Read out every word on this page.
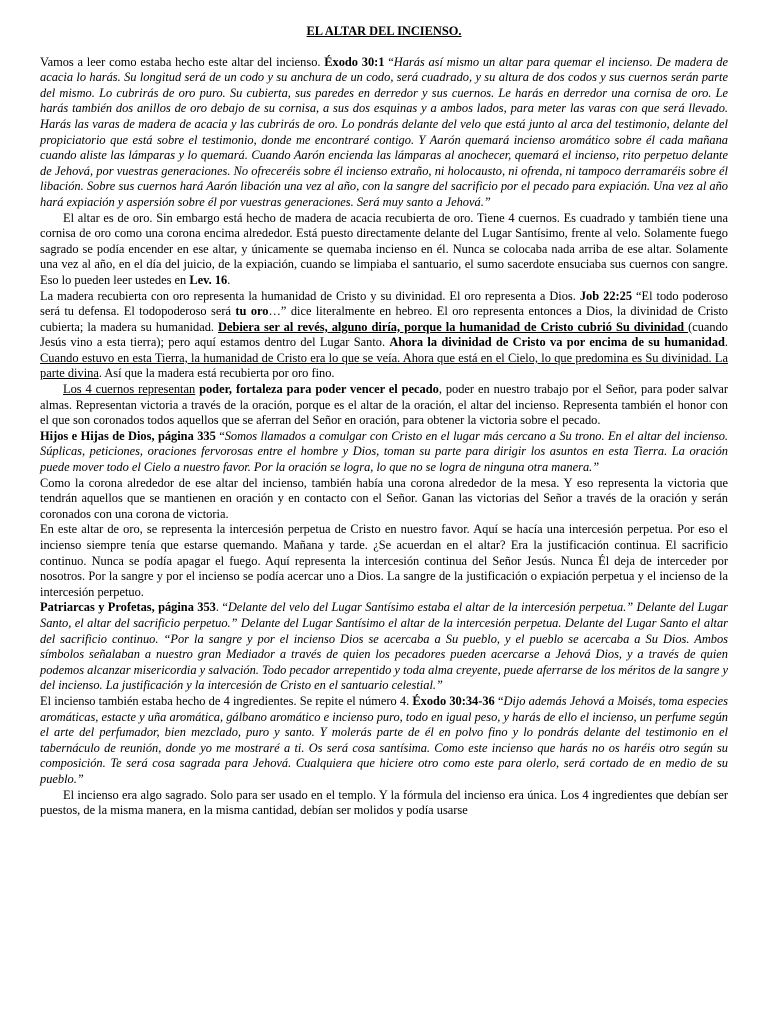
EL ALTAR DEL INCIENSO.

Vamos a leer como estaba hecho este altar del incienso. Éxodo 30:1 “Harás así mismo un altar para quemar el incienso. De madera de acacia lo harás. Su longitud será de un codo y su anchura de un codo, será cuadrado, y su altura de dos codos y sus cuernos serán parte del mismo. Lo cubrirás de oro puro. Su cubierta, sus paredes en derredor y sus cuernos. Le harás en derredor una cornisa de oro. Le harás también dos anillos de oro debajo de su cornisa, a sus dos esquinas y a ambos lados, para meter las varas con que será llevado. Harás las varas de madera de acacia y las cubrirás de oro. Lo pondrás delante del velo que está junto al arca del testimonio, delante del propiciatorio que está sobre el testimonio, donde me encontraré contigo. Y Aarón quemará incienso aromático sobre él cada mañana cuando aliste las lámparas y lo quemará. Cuando Aarón encienda las lámparas al anochecer, quemará el incienso, rito perpetuo delante de Jehová, por vuestras generaciones. No ofreceréis sobre él incienso extraño, ni holocausto, ni ofrenda, ni tampoco derramaréis sobre él libación. Sobre sus cuernos hará Aarón libación una vez al año, con la sangre del sacrificio por el pecado para expiación. Una vez al año hará expiación y aspersión sobre él por vuestras generaciones. Será muy santo a Jehová.”

El altar es de oro. Sin embargo está hecho de madera de acacia recubierta de oro. Tiene 4 cuernos. Es cuadrado y también tiene una cornisa de oro como una corona encima alrededor. Está puesto directamente delante del Lugar Santísimo, frente al velo. Solamente fuego sagrado se podía encender en ese altar, y únicamente se quemaba incienso en él. Nunca se colocaba nada arriba de ese altar. Solamente una vez al año, en el día del juicio, de la expiación, cuando se limpiaba el santuario, el sumo sacerdote ensuciaba sus cuernos con sangre. Eso lo pueden leer ustedes en Lev. 16.

La madera recubierta con oro representa la humanidad de Cristo y su divinidad. El oro representa a Dios. Job 22:25 “El todo poderoso será tu defensa. El todopoderoso será tu oro…” dice literalmente en hebreo. El oro representa entonces a Dios, la divinidad de Cristo cubierta; la madera su humanidad. Debiera ser al revés, alguno diría, porque la humanidad de Cristo cubrió Su divinidad (cuando Jesús vino a esta tierra); pero aquí estamos dentro del Lugar Santo. Ahora la divinidad de Cristo va por encima de su humanidad. Cuando estuvo en esta Tierra, la humanidad de Cristo era lo que se veía. Ahora que está en el Cielo, lo que predomina es Su divinidad. La parte divina. Así que la madera está recubierta por oro fino.

Los 4 cuernos representan poder, fortaleza para poder vencer el pecado, poder en nuestro trabajo por el Señor, para poder salvar almas. Representan victoria a través de la oración, porque es el altar de la oración, el altar del incienso. Representa también el honor con el que son coronados todos aquellos que se aferran del Señor en oración, para obtener la victoria sobre el pecado.

Hijos e Hijas de Dios, página 335 “Somos llamados a comulgar con Cristo en el lugar más cercano a Su trono. En el altar del incienso. Súplicas, peticiones, oraciones fervorosas entre el hombre y Dios, toman su parte para dirigir los asuntos en esta Tierra. La oración puede mover todo el Cielo a nuestro favor. Por la oración se logra, lo que no se logra de ninguna otra manera.”

Como la corona alrededor de ese altar del incienso, también había una corona alrededor de la mesa. Y eso representa la victoria que tendrán aquellos que se mantienen en oración y en contacto con el Señor. Ganan las victorias del Señor a través de la oración y serán coronados con una corona de victoria.

En este altar de oro, se representa la intercesión perpetua de Cristo en nuestro favor. Aquí se hacía una intercesión perpetua. Por eso el incienso siempre tenía que estarse quemando. Mañana y tarde. ¿Se acuerdan en el altar? Era la justificación continua. El sacrificio continuo. Nunca se podía apagar el fuego. Aquí representa la intercesión continua del Señor Jesús. Nunca Él deja de interceder por nosotros. Por la sangre y por el incienso se podía acercar uno a Dios. La sangre de la justificación o expiación perpetua y el incienso de la intercesión perpetuo.

Patriarcas y Profetas, página 353. “Delante del velo del Lugar Santísimo estaba el altar de la intercesión perpetua.” Delante del Lugar Santo, el altar del sacrificio perpetuo.” Delante del Lugar Santísimo el altar de la intercesión perpetua. Delante del Lugar Santo el altar del sacrificio continuo. “Por la sangre y por el incienso Dios se acercaba a Su pueblo, y el pueblo se acercaba a Su Dios. Ambos símbolos señalaban a nuestro gran Mediador a través de quien los pecadores pueden acercarse a Jehová Dios, y a través de quien podemos alcanzar misericordia y salvación. Todo pecador arrepentido y toda alma creyente, puede aferrarse de los méritos de la sangre y del incienso. La justificación y la intercesión de Cristo en el santuario celestial.”

El incienso también estaba hecho de 4 ingredientes. Se repite el número 4. Éxodo 30:34-36 “Dijo además Jehová a Moisés, toma especies aromáticas, estacte y uña aromática, gálbano aromático e incienso puro, todo en igual peso, y harás de ello el incienso, un perfume según el arte del perfumador, bien mezclado, puro y santo. Y molerás parte de él en polvo fino y lo pondrás delante del testimonio en el tabernáculo de reunión, donde yo me mostraré a ti. Os será cosa santísima. Como este incienso que harás no os haréis otro según su composición. Te será cosa sagrada para Jehová. Cualquiera que hiciere otro como este para olerlo, será cortado de en medio de su pueblo.”

El incienso era algo sagrado. Solo para ser usado en el templo. Y la fórmula del incienso era única. Los 4 ingredientes que debían ser puestos, de la misma manera, en la misma cantidad, debían ser molidos y podía usarse
